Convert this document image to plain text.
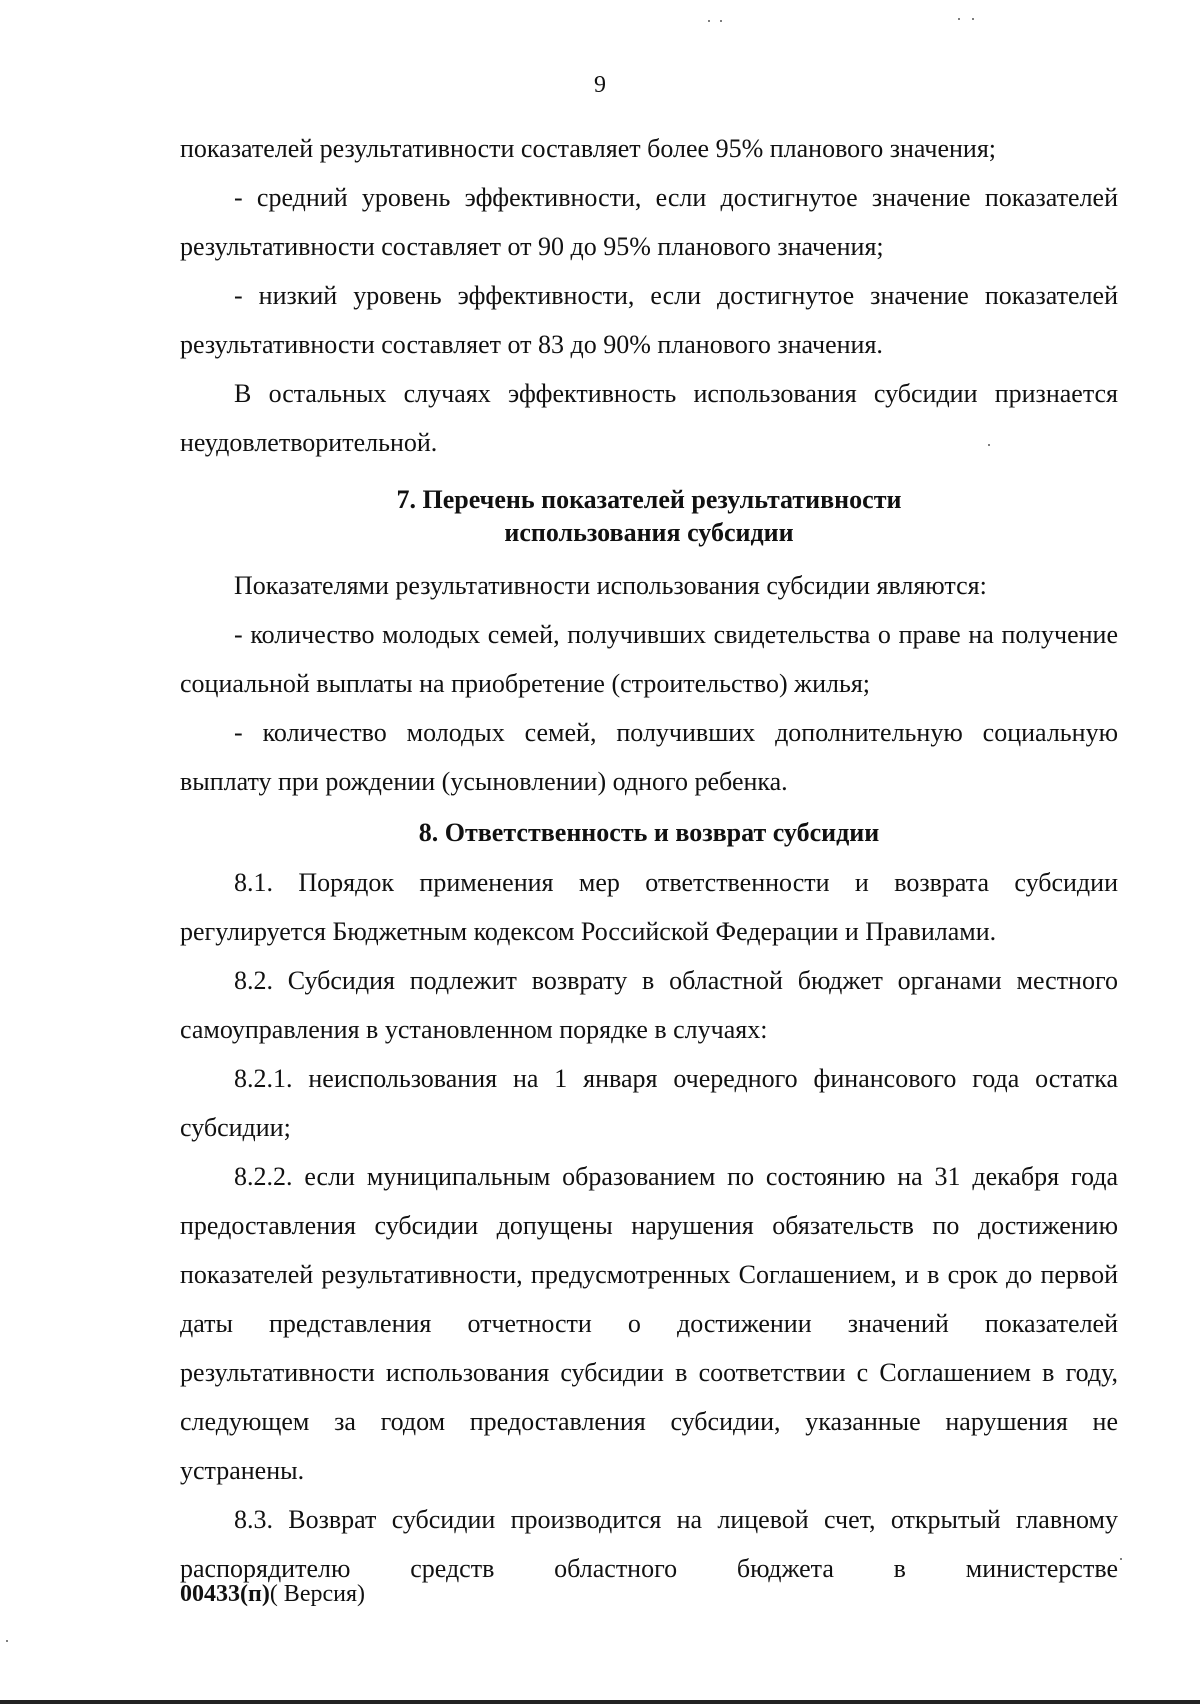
9

показателей результативности составляет более 95% планового значения;

- средний уровень эффективности, если достигнутое значение показателей результативности составляет от 90 до 95% планового значения;

- низкий уровень эффективности, если достигнутое значение показателей результативности составляет от 83 до 90% планового значения.

В остальных случаях эффективность использования субсидии признается неудовлетворительной.

7. Перечень показателей результативности
использования субсидии

Показателями результативности использования субсидии являются:

- количество молодых семей, получивших свидетельства о праве на получение социальной выплаты на приобретение (строительство) жилья;

- количество молодых семей, получивших дополнительную социальную выплату при рождении (усыновлении) одного ребенка.

8. Ответственность и возврат субсидии

8.1. Порядок применения мер ответственности и возврата субсидии регулируется Бюджетным кодексом Российской Федерации и Правилами.

8.2. Субсидия подлежит возврату в областной бюджет органами местного самоуправления в установленном порядке в случаях:

8.2.1. неиспользования на 1 января очередного финансового года остатка субсидии;

8.2.2. если муниципальным образованием по состоянию на 31 декабря года предоставления субсидии допущены нарушения обязательств по достижению показателей результативности, предусмотренных Соглашением, и в срок до первой даты представления отчетности о достижении значений показателей результативности использования субсидии в соответствии с Соглашением в году, следующем за годом предоставления субсидии, указанные нарушения не устранены.

8.3. Возврат субсидии производится на лицевой счет, открытый главному распорядителю средств областного бюджета в министерстве

00433(п)( Версия)
